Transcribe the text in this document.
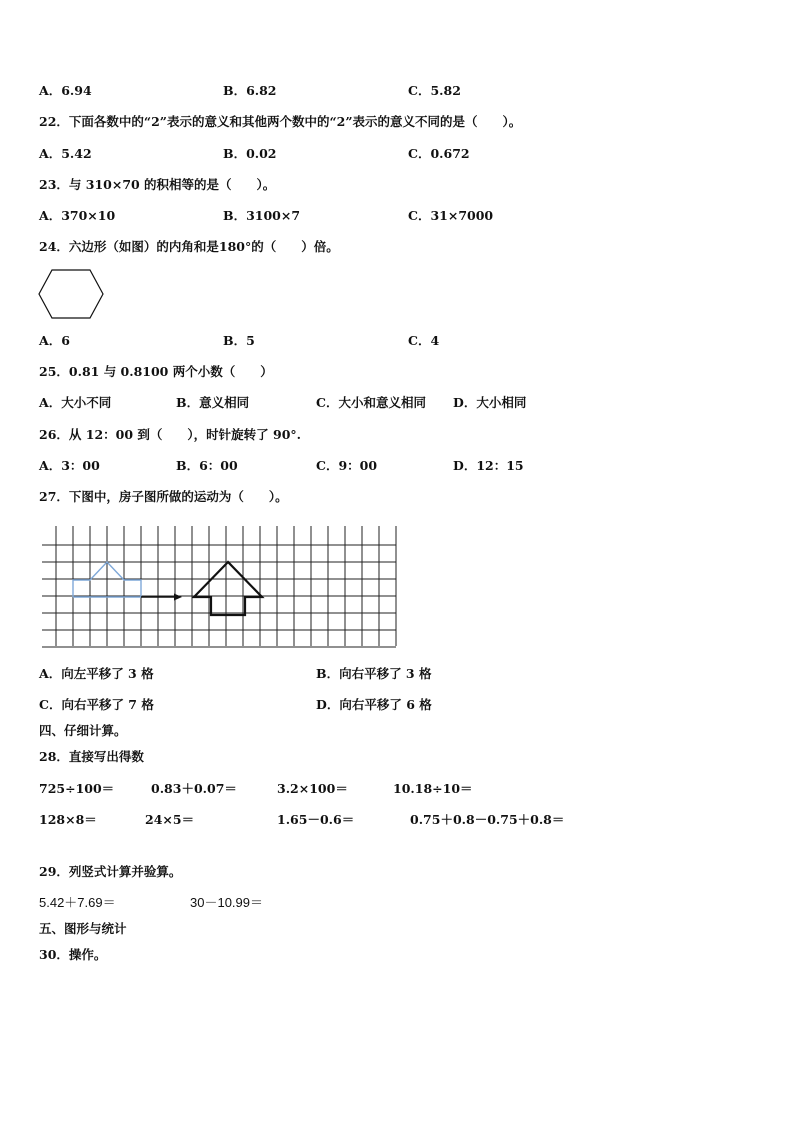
A．6.94	B．6.82	C．5.82
22．下面各数中的“2”表示的意义和其他两个数中的“2”表示的意义不同的是（　　）。
A．5.42	B．0.02	C．0.672
23．与 310×70 的积相等的是（　　）。
A．370×10	B．3100×7	C．31×7000
24．六边形（如图）的内角和是180°的（　　）倍。
A．6	B．5	C．4
25．0.81 与 0.8100 两个小数（　　）
A．大小不同	B．意义相同	C．大小和意义相同 D．大小相同
26．从 12：00 到（　　），时针旋转了 90°.
A．3：00	B．6：00	C．9：00	D．12：15
27．下图中，房子图所做的运动为（　　）。
A．向左平移了 3 格	B．向右平移了 3 格
C．向右平移了 7 格	D．向右平移了 6 格
四、仔细计算。
28．直接写出得数
725÷100＝	0.83＋0.07＝	3.2×100＝	10.18÷10＝
128×8＝	24×5＝	1.65－0.6＝	0.75＋0.8－0.75＋0.8＝
29．列竖式计算并验算。
5.42＋7.69＝	30－10.99＝
五、图形与统计
30．操作。
